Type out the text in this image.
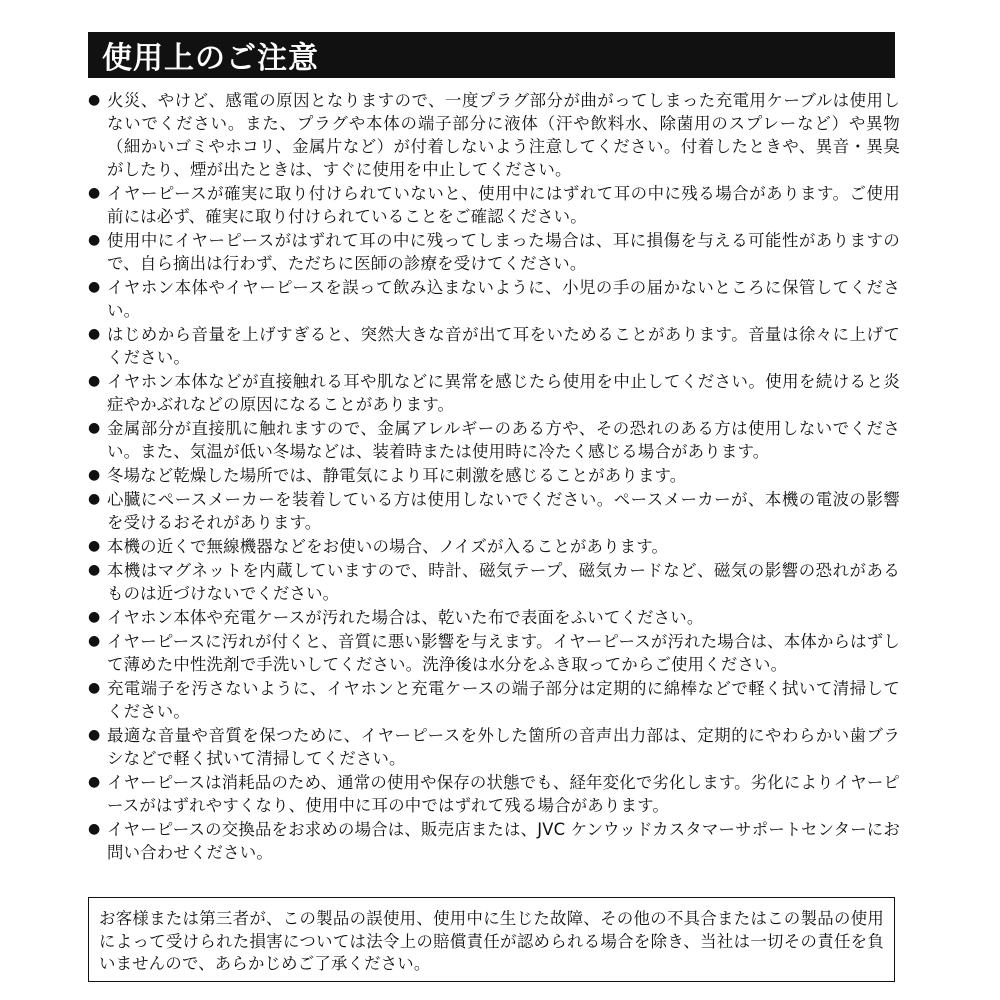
使用上のご注意
● 火災、やけど、感電の原因となりますので、一度プラグ部分が曲がってしまった充電用ケーブルは使用しないでください。また、プラグや本体の端子部分に液体（汗や飲料水、除菌用のスプレーなど）や異物（細かいゴミやホコリ、金属片など）が付着しないよう注意してください。付着したときや、異音・異臭がしたり、煙が出たときは、すぐに使用を中止してください。
● イヤーピースが確実に取り付けられていないと、使用中にはずれて耳の中に残る場合があります。ご使用前には必ず、確実に取り付けられていることをご確認ください。
● 使用中にイヤーピースがはずれて耳の中に残ってしまった場合は、耳に損傷を与える可能性がありますので、自ら摘出は行わず、ただちに医師の診療を受けてください。
● イヤホン本体やイヤーピースを誤って飲み込まないように、小児の手の届かないところに保管してください。
● はじめから音量を上げすぎると、突然大きな音が出て耳をいためることがあります。音量は徐々に上げてください。
● イヤホン本体などが直接触れる耳や肌などに異常を感じたら使用を中止してください。使用を続けると炎症やかぶれなどの原因になることがあります。
● 金属部分が直接肌に触れますので、金属アレルギーのある方や、その恐れのある方は使用しないでください。また、気温が低い冬場などは、装着時または使用時に冷たく感じる場合があります。
● 冬場など乾燥した場所では、静電気により耳に刺激を感じることがあります。
● 心臓にペースメーカーを装着している方は使用しないでください。ペースメーカーが、本機の電波の影響を受けるおそれがあります。
● 本機の近くで無線機器などをお使いの場合、ノイズが入ることがあります。
● 本機はマグネットを内蔵していますので、時計、磁気テープ、磁気カードなど、磁気の影響の恐れがあるものは近づけないでください。
● イヤホン本体や充電ケースが汚れた場合は、乾いた布で表面をふいてください。
● イヤーピースに汚れが付くと、音質に悪い影響を与えます。イヤーピースが汚れた場合は、本体からはずして薄めた中性洗剤で手洗いしてください。洗浄後は水分をふき取ってからご使用ください。
● 充電端子を汚さないように、イヤホンと充電ケースの端子部分は定期的に綿棒などで軽く拭いて清掃してください。
● 最適な音量や音質を保つために、イヤーピースを外した箇所の音声出力部は、定期的にやわらかい歯ブラシなどで軽く拭いて清掃してください。
● イヤーピースは消耗品のため、通常の使用や保存の状態でも、経年変化で劣化します。劣化によりイヤーピースがはずれやすくなり、使用中に耳の中ではずれて残る場合があります。
● イヤーピースの交換品をお求めの場合は、販売店または、JVC ケンウッドカスタマーサポートセンターにお問い合わせください。
お客様または第三者が、この製品の誤使用、使用中に生じた故障、その他の不具合またはこの製品の使用によって受けられた損害については法令上の賠償責任が認められる場合を除き、当社は一切その責任を負いませんので、あらかじめご了承ください。
